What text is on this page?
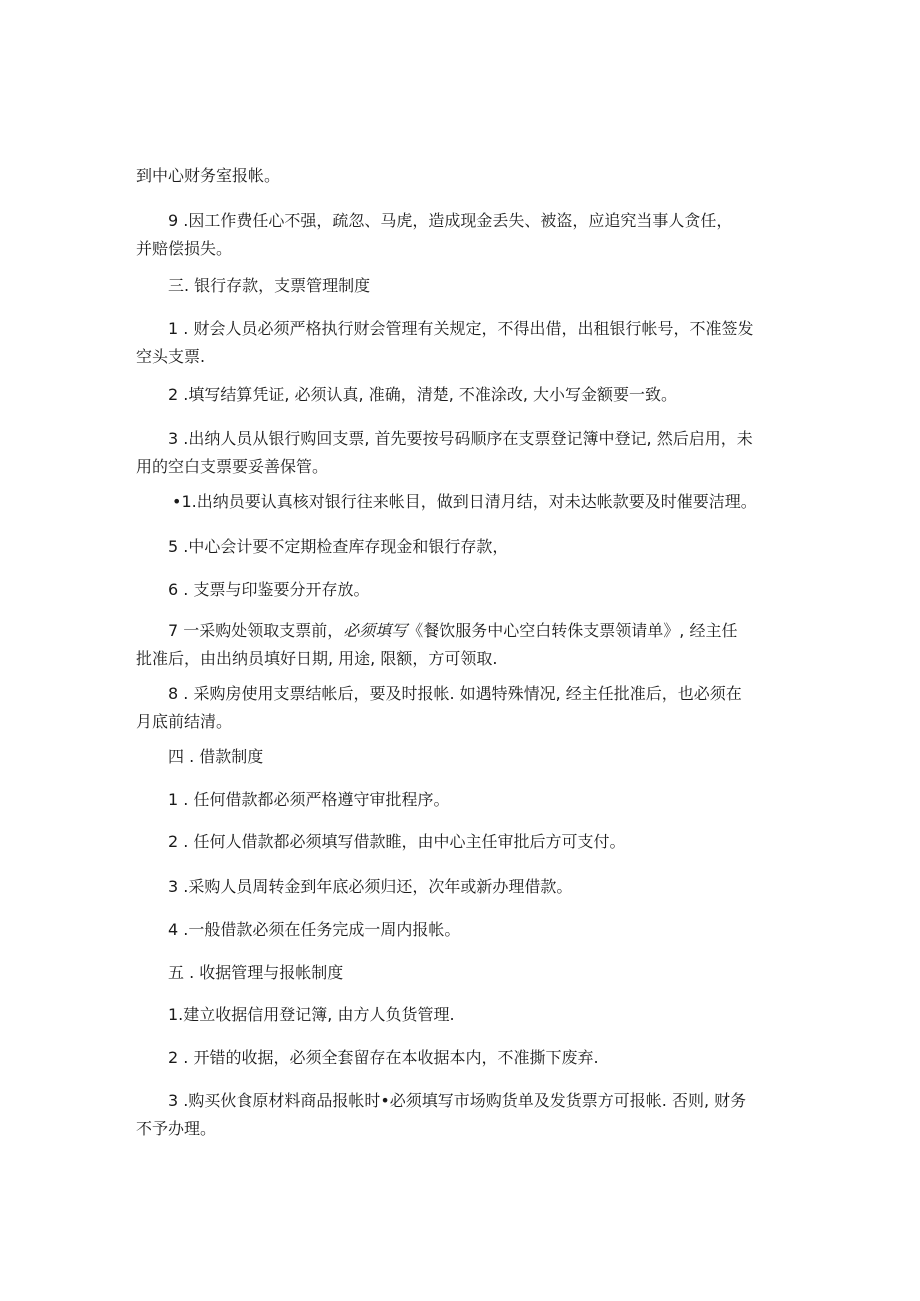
到中心财务室报帐。
9 .因工作费任心不强，疏忽、马虎，造成现金丢失、被盗，应追究当事人贪任，
并赔偿损失。
三. 银行存款，支票管理制度
1 . 财会人员必须严格执行财会管理有关规定，不得出借，出租银行帐号，不准签发
空头支票.
2 .填写结算凭证, 必须认真, 准确，清楚, 不准涂改, 大小写金额要一致。
3 .出纳人员从银行购回支票, 首先要按号码顺序在支票登记簿中登记, 然后启用，未
用的空白支票要妥善保管。
•1.出纳员要认真核对银行往来帐目，做到日清月结，对未达帐款要及时催要洁理。
5 .中心会计要不定期检查库存现金和银行存款，
6 . 支票与印鉴要分开存放。
7 一采购处领取支票前，必须填写《餐饮服务中心空白转侏支票领请单》, 经主任
批准后，由出纳员填好日期, 用途, 限额，方可领取.
8 . 采购房使用支票结帐后，要及时报帐. 如遇特殊情况, 经主任批准后，也必须在
月底前结清。
四 . 借款制度
1 . 任何借款都必须严格遵守审批程序。
2 . 任何人借款都必须填写借款睢，由中心主任审批后方可支付。
3 .采购人员周转金到年底必须归还，次年或新办理借款。
4 .一般借款必须在任务完成一周内报帐。
五 . 收据管理与报帐制度
1.建立收据信用登记簿, 由方人负货管理.
2 . 开错的收据，必须全套留存在本收据本内，不准撕下废弃.
3 .购买伙食原材料商品报帐时•必须填写市场购货单及发货票方可报帐. 否则, 财务
不予办理。
